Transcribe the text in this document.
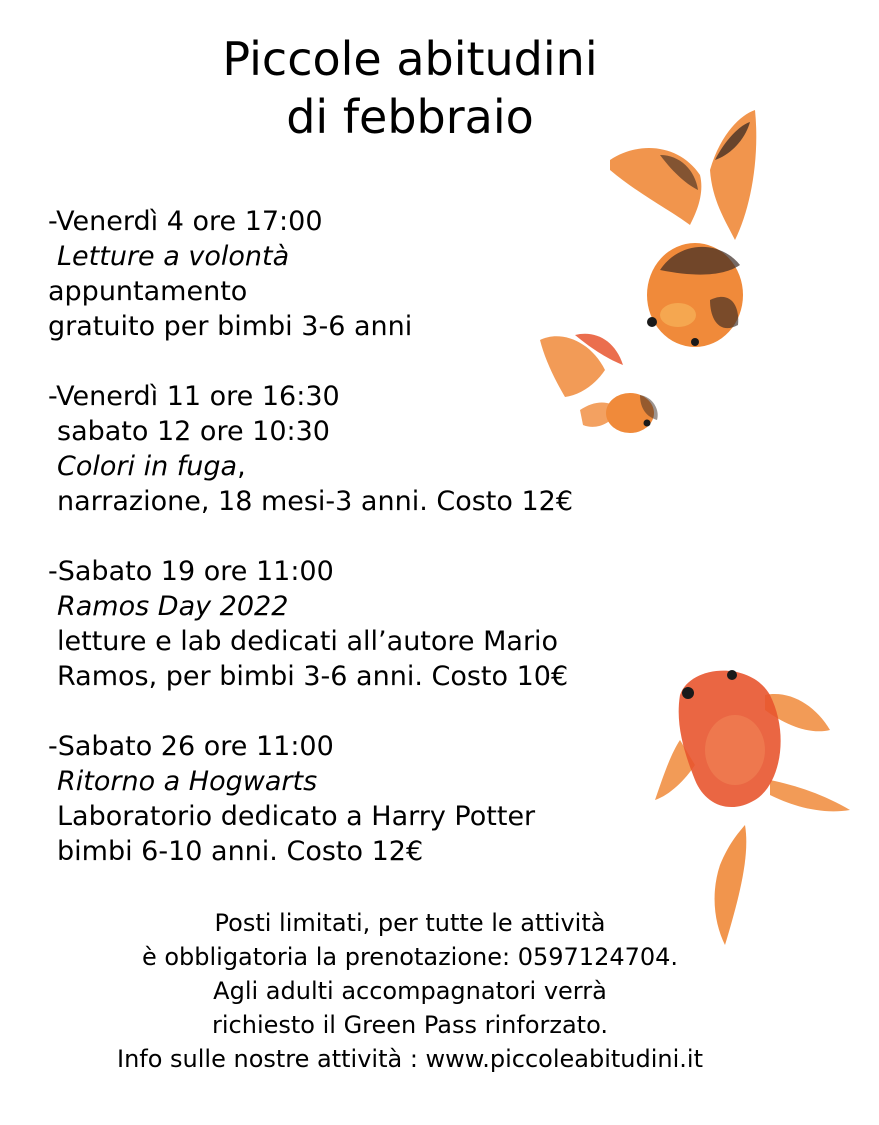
Piccole abitudini
di febbraio
-Venerdì 4 ore 17:00
Letture a volontà
appuntamento
gratuito per bimbi 3-6 anni
-Venerdì 11 ore 16:30
sabato 12 ore 10:30
Colori in fuga,
narrazione, 18 mesi-3 anni. Costo 12€
-Sabato 19 ore 11:00
Ramos Day 2022
letture e lab dedicati all’autore Mario
Ramos, per bimbi 3-6 anni. Costo 10€
-Sabato 26 ore 11:00
Ritorno a Hogwarts
Laboratorio dedicato a Harry Potter
bimbi 6-10 anni. Costo 12€
Posti limitati, per tutte le attività
è obbligatoria la prenotazione: 0597124704.
Agli adulti accompagnatori verrà
richiesto il Green Pass rinforzato.
Info sulle nostre attività : www.piccoleabitudini.it
